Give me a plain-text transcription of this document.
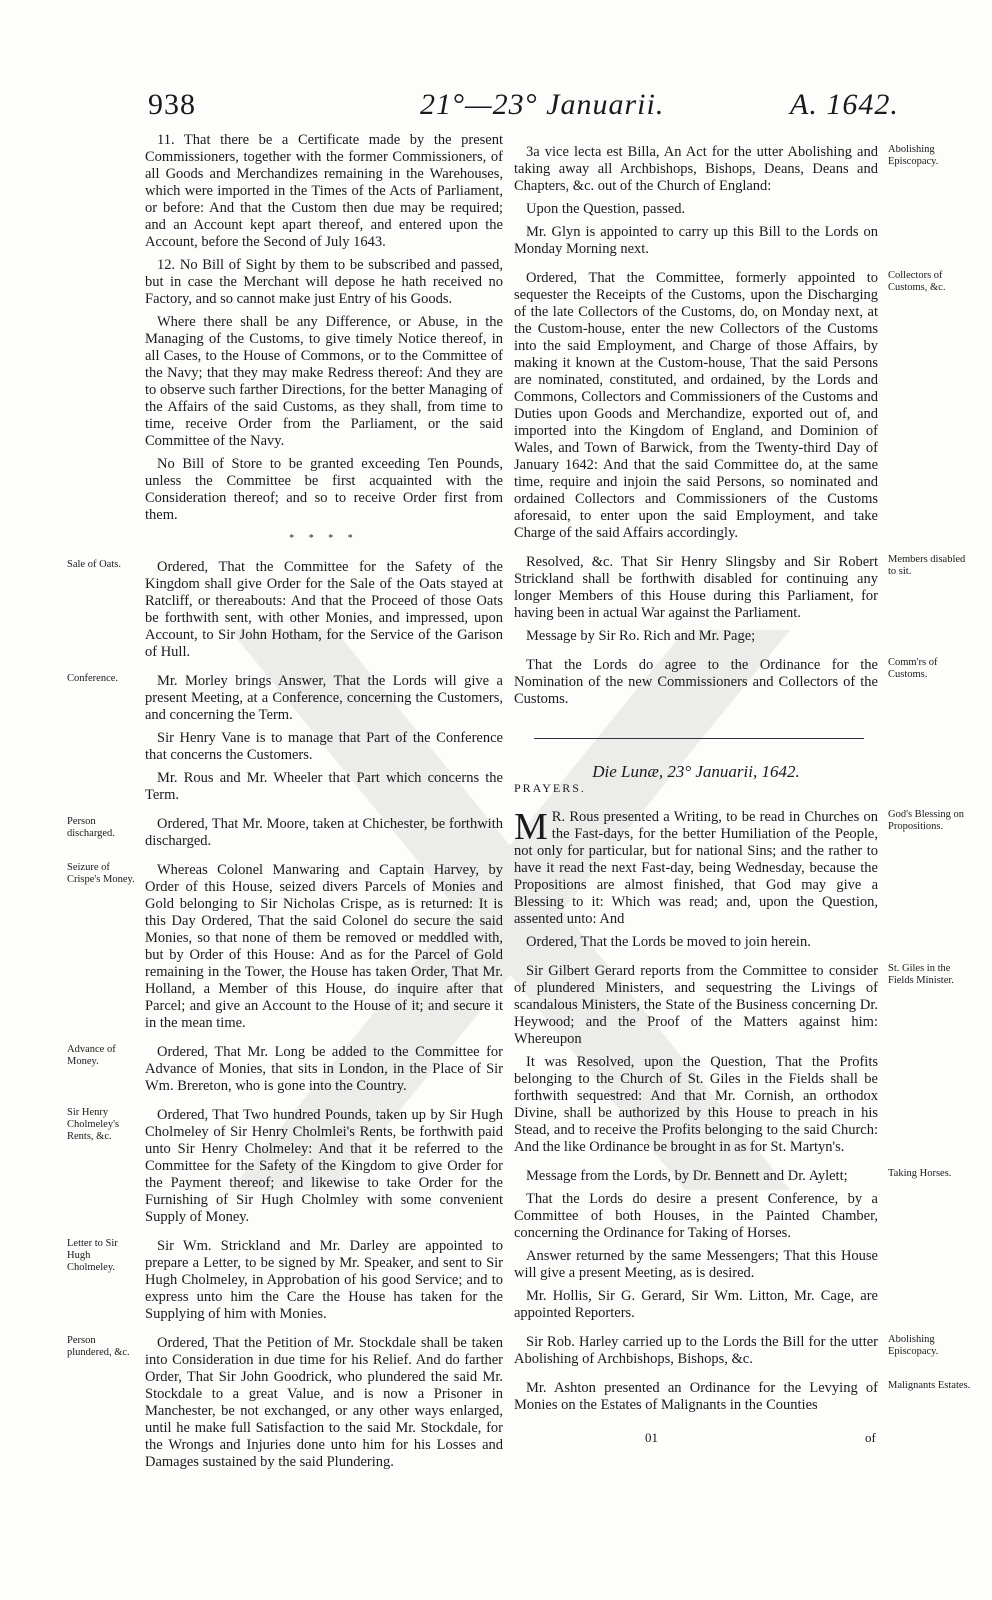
938	21°—23° Januarii.	A. 1642.

11. That there be a Certificate made by the present Commissioners, together with the former Commissioners, of all Goods and Merchandizes remaining in the Warehouses, which were imported in the Times of the Acts of Parliament, or before: And that the Custom then due may be required; and an Account kept apart thereof, and entered upon the Account, before the Second of July 1643.

12. No Bill of Sight by them to be subscribed and passed, but in case the Merchant will depose he hath received no Factory, and so cannot make just Entry of his Goods.

Where there shall be any Difference, or Abuse, in the Managing of the Customs, to give timely Notice thereof, in all Cases, to the House of Commons, or to the Committee of the Navy; that they may make Redress thereof: And they are to observe such farther Directions, for the better Managing of the Affairs of the said Customs, as they shall, from time to time, receive Order from the Parliament, or the said Committee of the Navy.

No Bill of Store to be granted exceeding Ten Pounds, unless the Committee be first acquainted with the Consideration thereof; and so to receive Order first from them.

* * * *

Sale of Oats.	Ordered, That the Committee for the Safety of the Kingdom shall give Order for the Sale of the Oats stayed at Ratcliff, or thereabouts: And that the Proceed of those Oats be forthwith sent, with other Monies, and impressed, upon Account, to Sir John Hotham, for the Service of the Garison of Hull.

Conference.	Mr. Morley brings Answer, That the Lords will give a present Meeting, at a Conference, concerning the Customers, and concerning the Term.

Sir Henry Vane is to manage that Part of the Conference that concerns the Customers.

Mr. Rous and Mr. Wheeler that Part which concerns the Term.

Person discharged.

Ordered, That Mr. Moore, taken at Chichester, be forthwith discharged.

Seizure of Crispe's Money.

Whereas Colonel Manwaring and Captain Harvey, by Order of this House, seized divers Parcels of Monies and Gold belonging to Sir Nicholas Crispe, as is returned: It is this Day Ordered, That the said Colonel do secure the said Monies, so that none of them be removed or meddled with, but by Order of this House: And as for the Parcel of Gold remaining in the Tower, the House has taken Order, That Mr. Holland, a Member of this House, do inquire after that Parcel; and give an Account to the House of it; and secure it in the mean time.

Advance of Money.

Ordered, That Mr. Long be added to the Committee for Advance of Monies, that sits in London, in the Place of Sir Wm. Brereton, who is gone into the Country.

Sir Henry Cholmeley's Rents, &c.

Ordered, That Two hundred Pounds, taken up by Sir Hugh Cholmeley of Sir Henry Cholmlei's Rents, be forthwith paid unto Sir Henry Cholmeley: And that it be referred to the Committee for the Safety of the Kingdom to give Order for the Payment thereof; and likewise to take Order for the Furnishing of Sir Hugh Cholmley with some convenient Supply of Money.

Letter to Sir Hugh Cholmeley.

Sir Wm. Strickland and Mr. Darley are appointed to prepare a Letter, to be signed by Mr. Speaker, and sent to Sir Hugh Cholmeley, in Approbation of his good Service; and to express unto him the Care the House has taken for the Supplying of him with Monies.

Person plundered, &c.

Ordered, That the Petition of Mr. Stockdale shall be taken into Consideration in due time for his Relief. And do farther Order, That Sir John Goodrick, who plundered the said Mr. Stockdale to a great Value, and is now a Prisoner in Manchester, be not exchanged, or any other ways enlarged, until he make full Satisfaction to the said Mr. Stockdale, for the Wrongs and Injuries done unto him for his Losses and Damages sustained by the said Plundering.

Abolishing Episcopacy.

3a vice lecta est Billa, An Act for the utter Abolishing and taking away all Archbishops, Bishops, Deans, Deans and Chapters, &c. out of the Church of England:

Upon the Question, passed.

Mr. Glyn is appointed to carry up this Bill to the Lords on Monday Morning next.

Collectors of Customs, &c.

Ordered, That the Committee, formerly appointed to sequester the Receipts of the Customs, upon the Discharging of the late Collectors of the Customs, do, on Monday next, at the Custom-house, enter the new Collectors of the Customs into the said Employment, and Charge of those Affairs, by making it known at the Custom-house, That the said Persons are nominated, constituted, and ordained, by the Lords and Commons, Collectors and Commissioners of the Customs and Duties upon Goods and Merchandize, exported out of, and imported into the Kingdom of England, and Dominion of Wales, and Town of Barwick, from the Twenty-third Day of January 1642: And that the said Committee do, at the same time, require and injoin the said Persons, so nominated and ordained Collectors and Commissioners of the Customs aforesaid, to enter upon the said Employment, and take Charge of the said Affairs accordingly.

Members disabled to sit.

Resolved, &c. That Sir Henry Slingsby and Sir Robert Strickland shall be forthwith disabled for continuing any longer Members of this House during this Parliament, for having been in actual War against the Parliament.

Message by Sir Ro. Rich and Mr. Page;

Comm'rs of Customs.

That the Lords do agree to the Ordinance for the Nomination of the new Commissioners and Collectors of the Customs.

Die Lunæ, 23° Januarii, 1642.

PRAYERS.

God's Blessing on Propositions.

M R. Rous presented a Writing, to be read in Churches on the Fast-days, for the better Humiliation of the People, not only for particular, but for national Sins; and the rather to have it read the next Fast-day, being Wednesday, because the Propositions are almost finished, that God may give a Blessing to it: Which was read; and, upon the Question, assented unto: And

Ordered, That the Lords be moved to join herein.

St. Giles in the Fields Minister.

Sir Gilbert Gerard reports from the Committee to consider of plundered Ministers, and sequestring the Livings of scandalous Ministers, the State of the Business concerning Dr. Heywood; and the Proof of the Matters against him: Whereupon

It was Resolved, upon the Question, That the Profits belonging to the Church of St. Giles in the Fields shall be forthwith sequestred: And that Mr. Cornish, an orthodox Divine, shall be authorized by this House to preach in his Stead, and to receive the Profits belonging to the said Church: And the like Ordinance be brought in as for St. Martyn's.

Taking Horses.

Message from the Lords, by Dr. Bennett and Dr. Aylett;

That the Lords do desire a present Conference, by a Committee of both Houses, in the Painted Chamber, concerning the Ordinance for Taking of Horses.

Answer returned by the same Messengers; That this House will give a present Meeting, as is desired.

Mr. Hollis, Sir G. Gerard, Sir Wm. Litton, Mr. Cage, are appointed Reporters.

Abolishing Episcopacy.

Sir Rob. Harley carried up to the Lords the Bill for the utter Abolishing of Archbishops, Bishops, &c.

Malignants Estates.

Mr. Ashton presented an Ordinance for the Levying of Monies on the Estates of Malignants in the Counties

01	of
